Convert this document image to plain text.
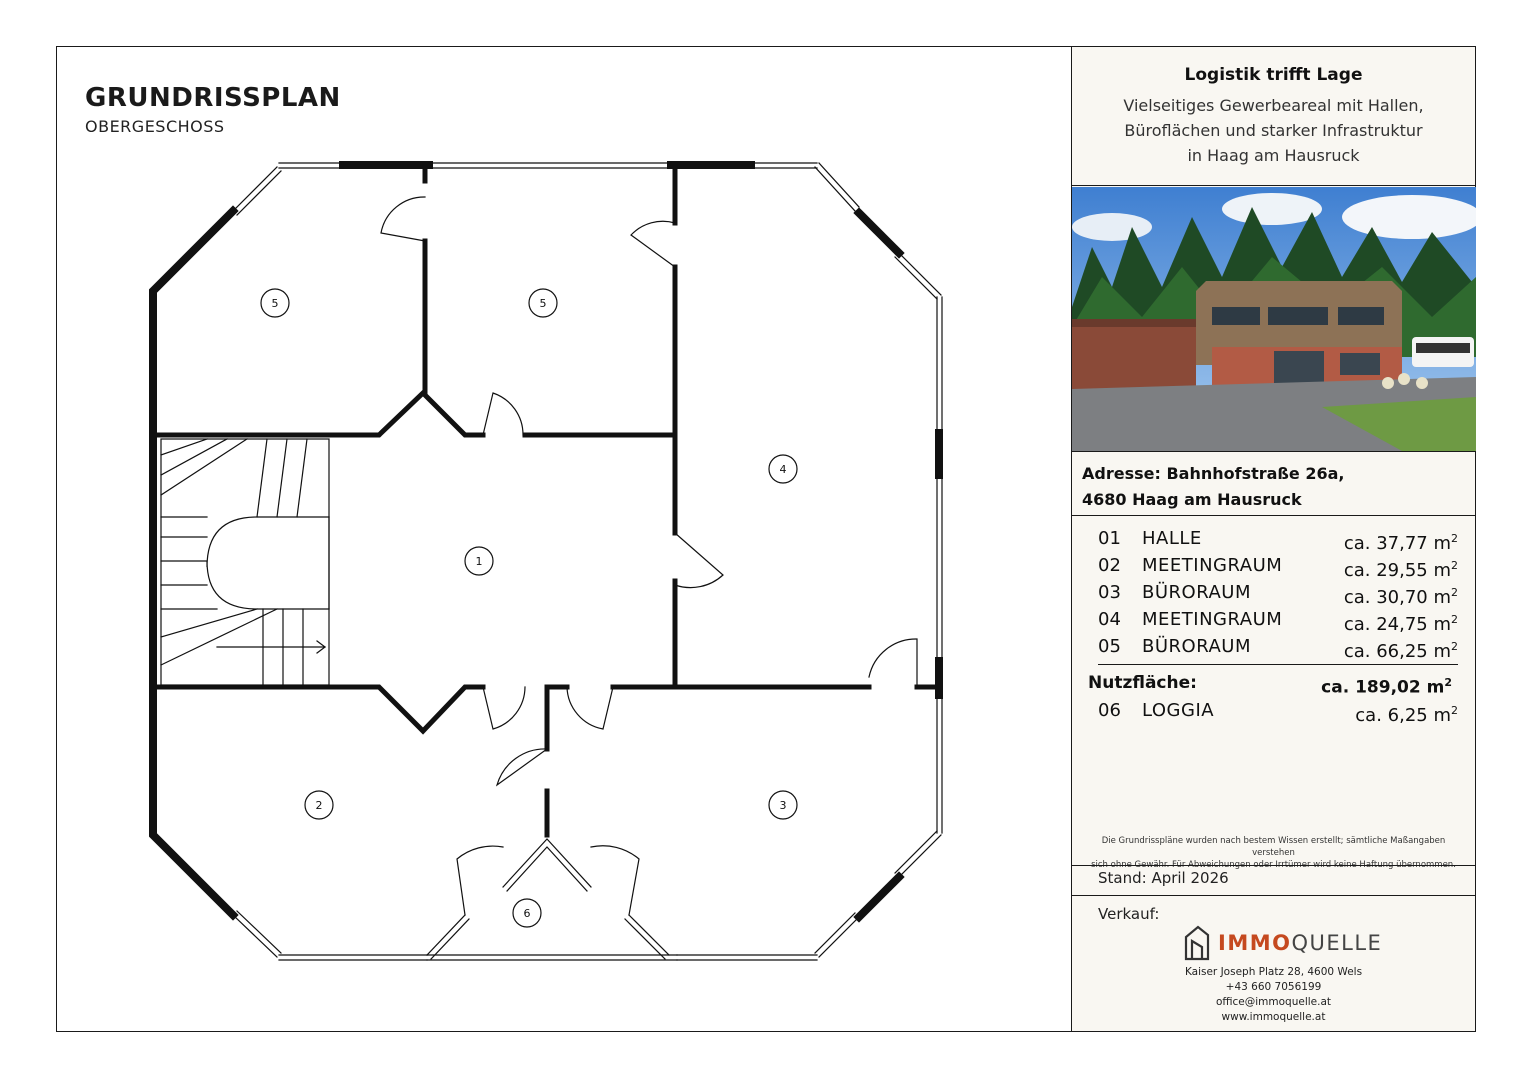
GRUNDRISSPLAN
OBERGESCHOSS
5	5
4
1
2	3
6
Logistik trifft Lage
Vielseitiges Gewerbeareal mit Hallen,
Büroflächen und starker Infrastruktur
in Haag am Hausruck
Adresse: Bahnhofstraße 26a,
4680 Haag am Hausruck
01	HALLE	ca. 37,77 $m^2$
02	MEETINGRAUM	ca. 29,55 $m^2$
03	BÜRORAUM	ca. 30,70 $m^2$
04	MEETINGRAUM	ca. 24,75 $m^2$
05	BÜRORAUM	ca. 66,25 $m^2$
Nutzfläche:	ca. 189,02 $m^2$
06	LOGGIA	ca. 6,25 $m^2$
Die Grundrisspläne wurden nach bestem Wissen erstellt; sämtliche Maßangaben verstehen
sich ohne Gewähr. Für Abweichungen oder Irrtümer wird keine Haftung übernommen.
Stand: April 2026
Verkauf:
IMMOQUELLE
Kaiser Joseph Platz 28, 4600 Wels
+43 660 7056199
office@immoquelle.at
www.immoquelle.at
